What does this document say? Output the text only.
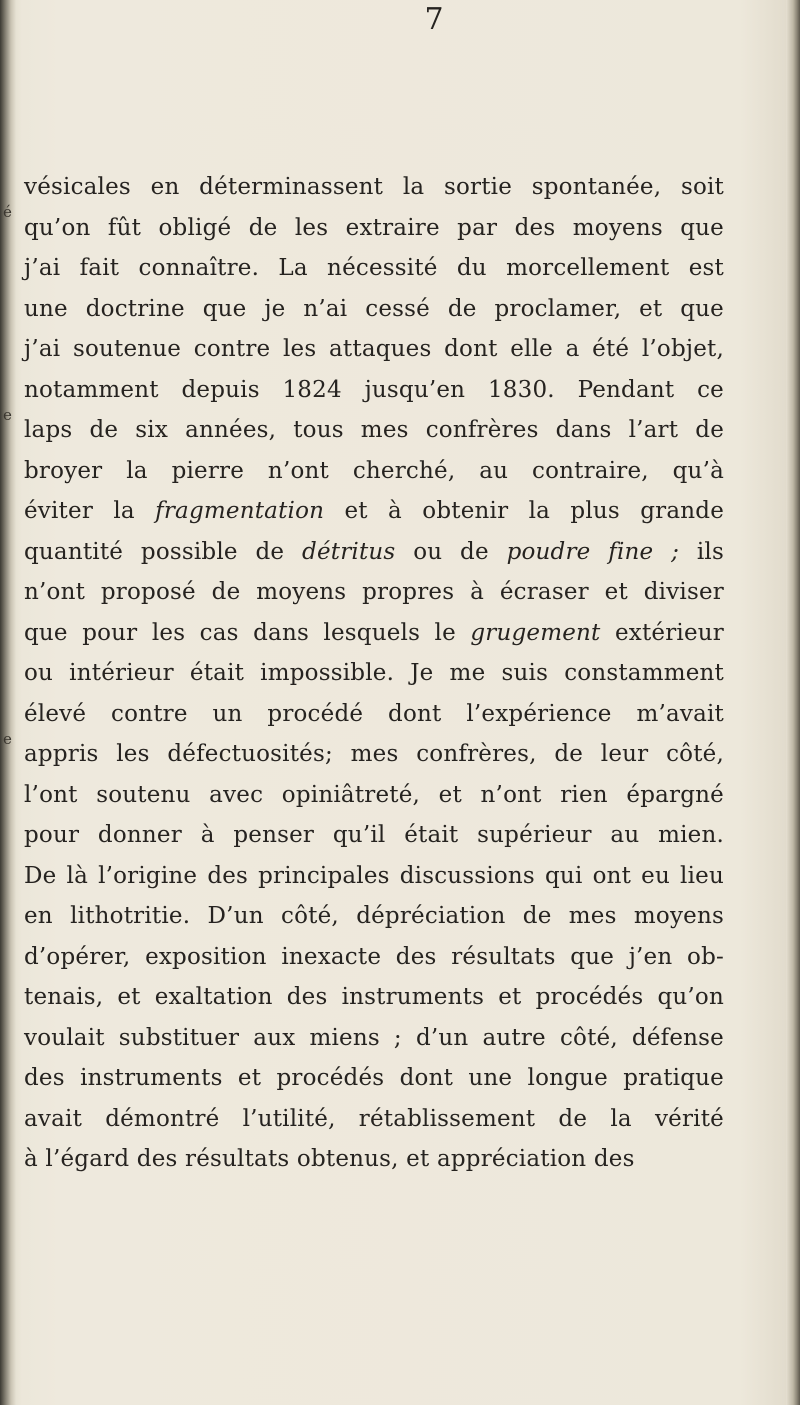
7
é
e
e
vésicales en déterminassent la sortie spontanée, soit
qu’on fût obligé de les extraire par des moyens que
j’ai fait connaître. La nécessité du morcellement est
une doctrine que je n’ai cessé de proclamer, et que
j’ai soutenue contre les attaques dont elle a été l’objet,
notamment depuis 1824 jusqu’en 1830. Pendant ce
laps de six années, tous mes confrères dans l’art de
broyer la pierre n’ont cherché, au contraire, qu’à
éviter la fragmentation et à obtenir la plus grande
quantité possible de détritus ou de poudre fine ; ils
n’ont proposé de moyens propres à écraser et diviser
que pour les cas dans lesquels le grugement extérieur
ou intérieur était impossible. Je me suis constamment
élevé contre un procédé dont l’expérience m’avait
appris les défectuosités; mes confrères, de leur côté,
l’ont soutenu avec opiniâtreté, et n’ont rien épargné
pour donner à penser qu’il était supérieur au mien.
De là l’origine des principales discussions qui ont eu lieu
en lithotritie. D’un côté, dépréciation de mes moyens
d’opérer, exposition inexacte des résultats que j’en ob-
tenais, et exaltation des instruments et procédés qu’on
voulait substituer aux miens ; d’un autre côté, défense
des instruments et procédés dont une longue pratique
avait démontré l’utilité, rétablissement de la vérité
à l’égard des résultats obtenus, et appréciation des
